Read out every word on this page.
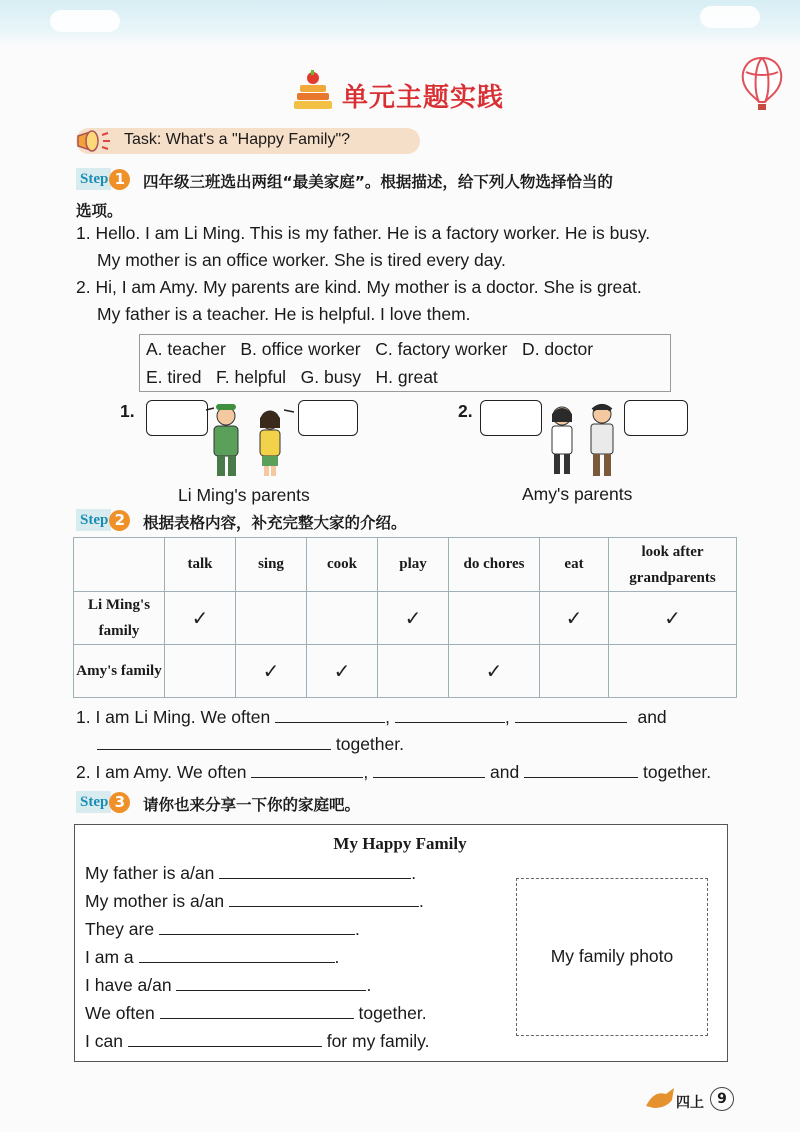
单元主题实践
Task: What's a "Happy Family"?
Step 1	四年级三班选出两组“最美家庭”。根据描述，给下列人物选择恰当的
选项。
1. Hello. I am Li Ming. This is my father. He is a factory worker. He is busy.
My mother is an office worker. She is tired every day.
2. Hi, I am Amy. My parents are kind. My mother is a doctor. She is great.
My father is a teacher. He is helpful. I love them.
A. teacher   B. office worker   C. factory worker   D. doctor
E. tired   F. helpful   G. busy   H. great
1.
Li Ming's parents
2.
Amy's parents
Step 2	根据表格内容，补充完整大家的介绍。
	talk	sing	cook	play	do chores	eat	look after grandparents
Li Ming's family	✓			✓		✓	✓
Amy's family		✓	✓		✓		
1. I am Li Ming. We often	,	,	and
together.
2. I am Amy. We often	,	and	together.
Step 3	请你也来分享一下你的家庭吧。
My Happy Family
My father is a/an	.
My mother is a/an	.
They are	.
I am a	.
I have a/an	.
We often	together.
I can	for my family.
My family photo
四上 9
